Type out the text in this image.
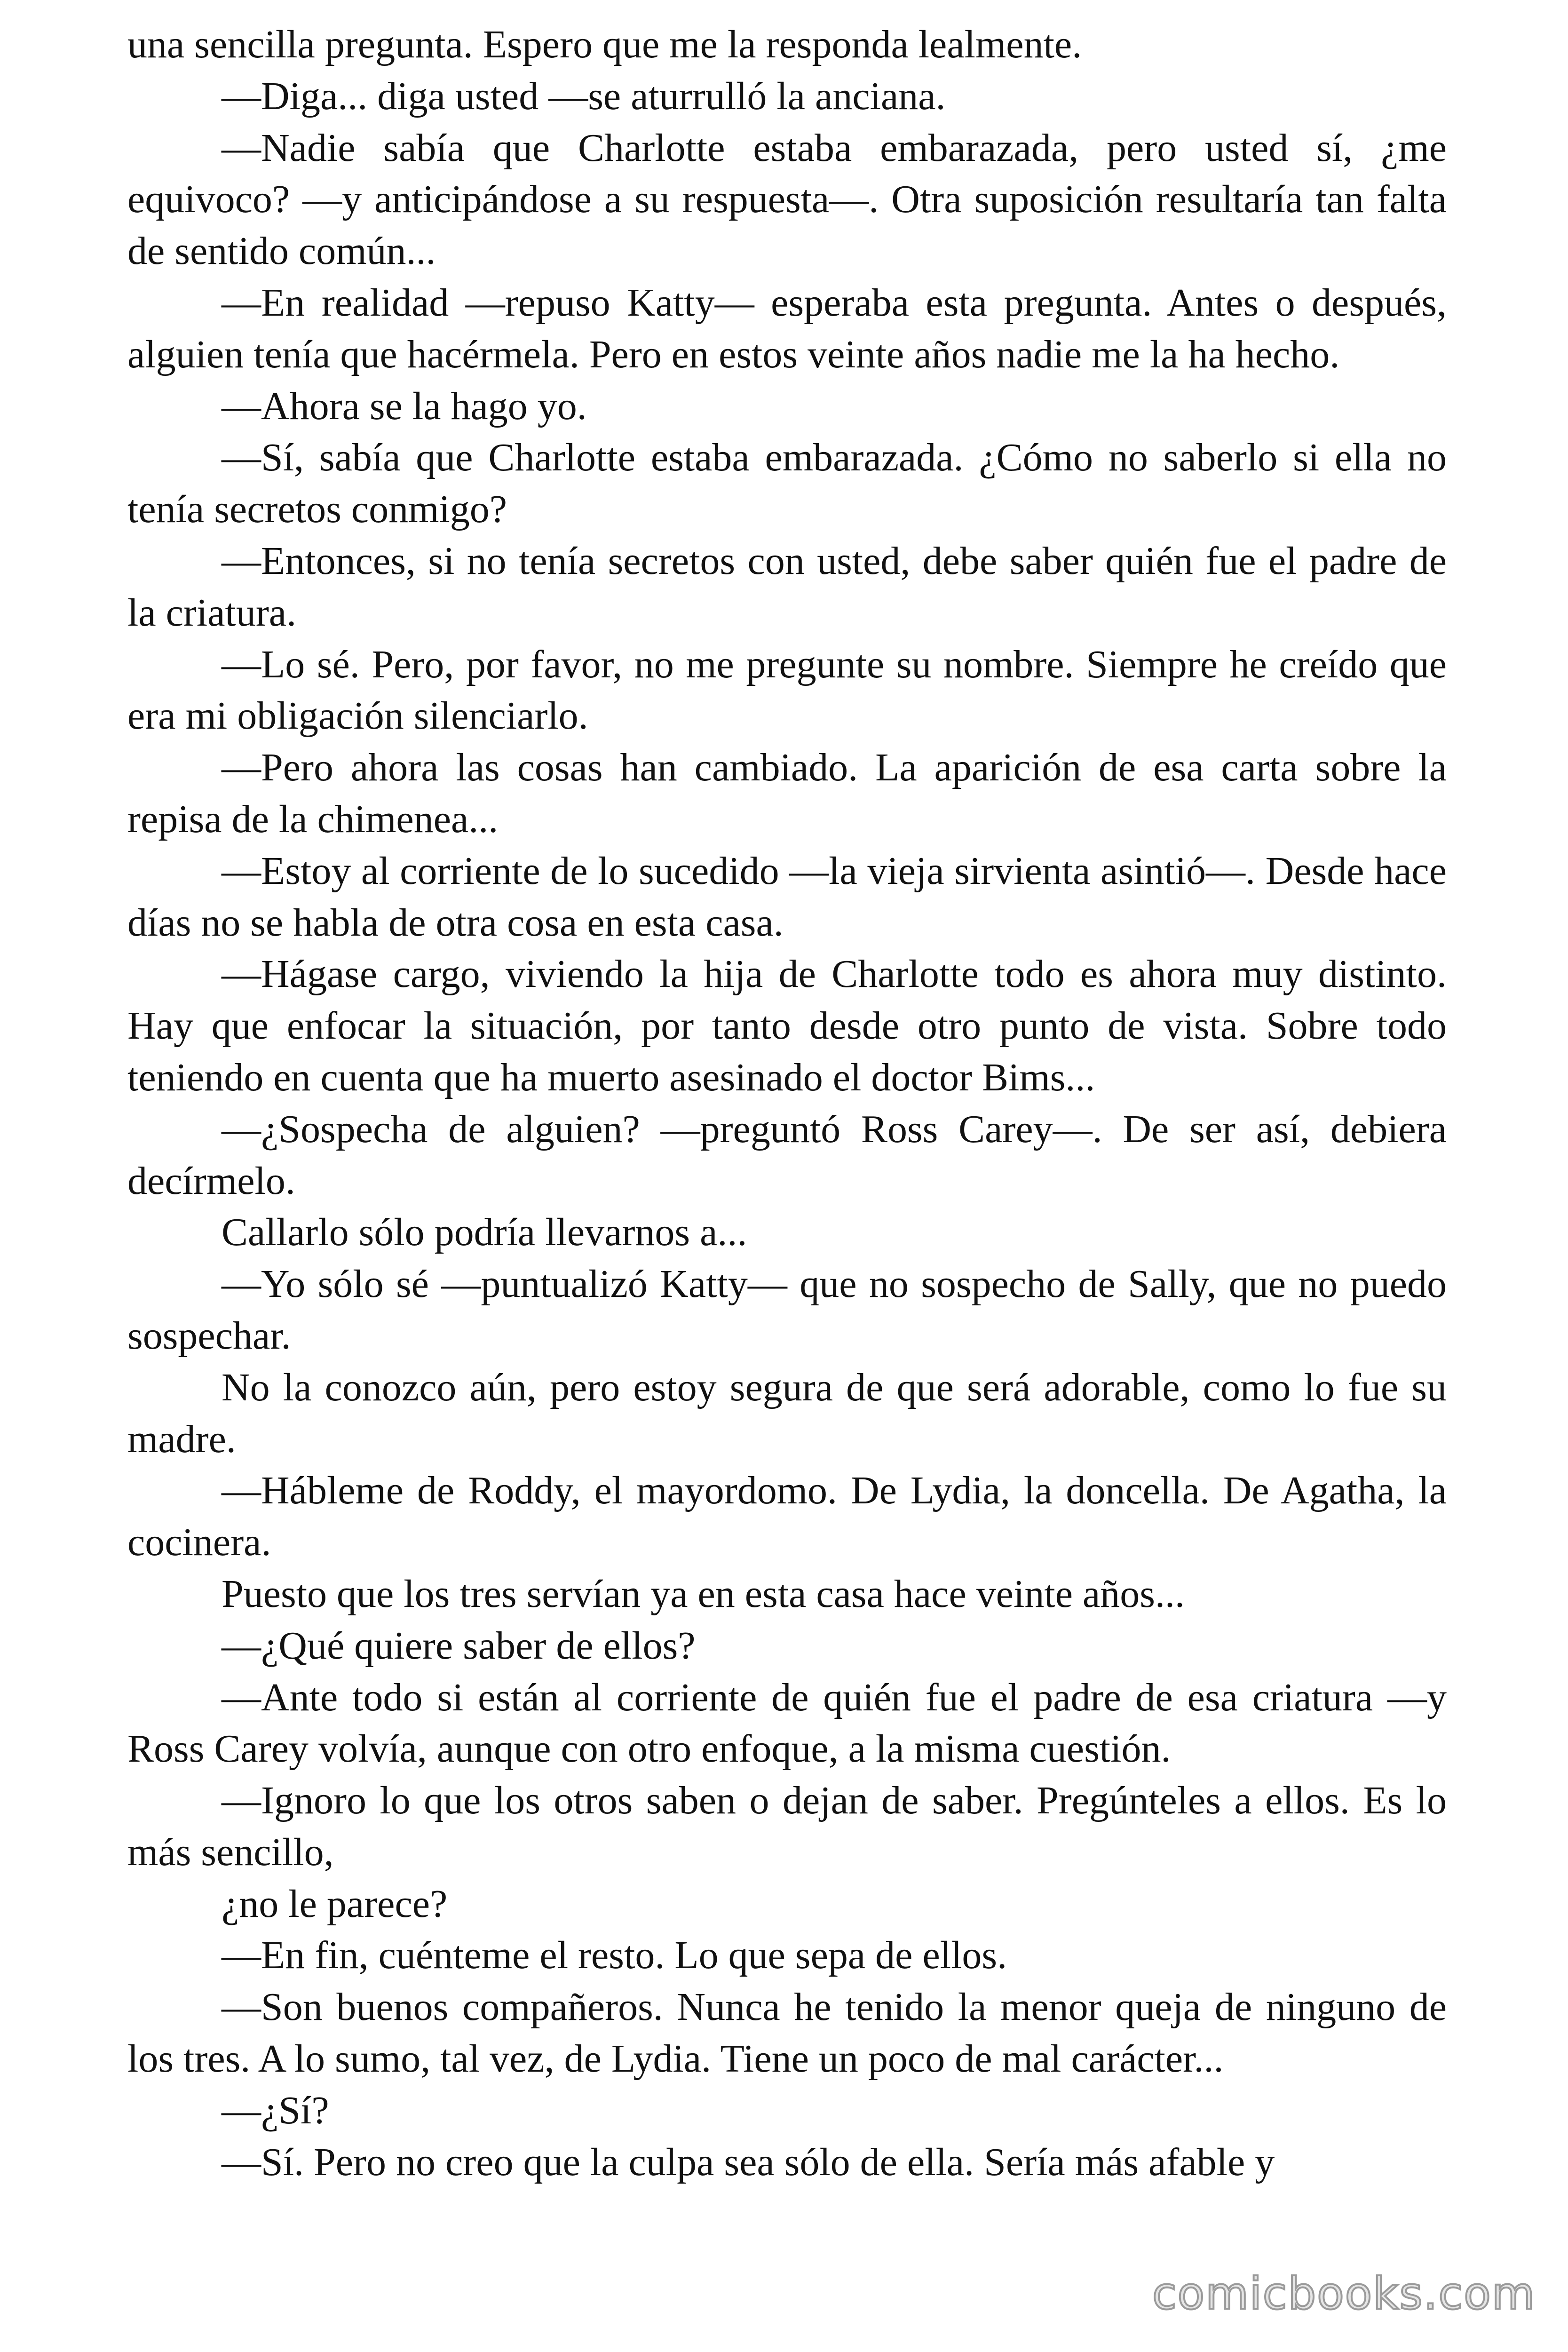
una sencilla pregunta. Espero que me la responda lealmente.

—Diga... diga usted —se aturrulló la anciana.

—Nadie sabía que Charlotte estaba embarazada, pero usted sí, ¿me equivoco? —y anticipándose a su respuesta—. Otra suposición resultaría tan falta de sentido común...

—En realidad —repuso Katty— esperaba esta pregunta. Antes o después, alguien tenía que hacérmela. Pero en estos veinte años nadie me la ha hecho.

—Ahora se la hago yo.

—Sí, sabía que Charlotte estaba embarazada. ¿Cómo no saberlo si ella no tenía secretos conmigo?

—Entonces, si no tenía secretos con usted, debe saber quién fue el padre de la criatura.

—Lo sé. Pero, por favor, no me pregunte su nombre. Siempre he creído que era mi obligación silenciarlo.

—Pero ahora las cosas han cambiado. La aparición de esa carta sobre la repisa de la chimenea...

—Estoy al corriente de lo sucedido —la vieja sirvienta asintió—. Desde hace días no se habla de otra cosa en esta casa.

—Hágase cargo, viviendo la hija de Charlotte todo es ahora muy distinto. Hay que enfocar la situación, por tanto desde otro punto de vista. Sobre todo teniendo en cuenta que ha muerto asesinado el doctor Bims...

—¿Sospecha de alguien? —preguntó Ross Carey—. De ser así, debiera decírmelo.

Callarlo sólo podría llevarnos a...

—Yo sólo sé —puntualizó Katty— que no sospecho de Sally, que no puedo sospechar.

No la conozco aún, pero estoy segura de que será adorable, como lo fue su madre.

—Hábleme de Roddy, el mayordomo. De Lydia, la doncella. De Agatha, la cocinera.

Puesto que los tres servían ya en esta casa hace veinte años...

—¿Qué quiere saber de ellos?

—Ante todo si están al corriente de quién fue el padre de esa criatura —y Ross Carey volvía, aunque con otro enfoque, a la misma cuestión.

—Ignoro lo que los otros saben o dejan de saber. Pregúnteles a ellos. Es lo más sencillo,

¿no le parece?

—En fin, cuénteme el resto. Lo que sepa de ellos.

—Son buenos compañeros. Nunca he tenido la menor queja de ninguno de los tres. A lo sumo, tal vez, de Lydia. Tiene un poco de mal carácter...

—¿Sí?

—Sí. Pero no creo que la culpa sea sólo de ella. Sería más afable y

comicbooks.com
